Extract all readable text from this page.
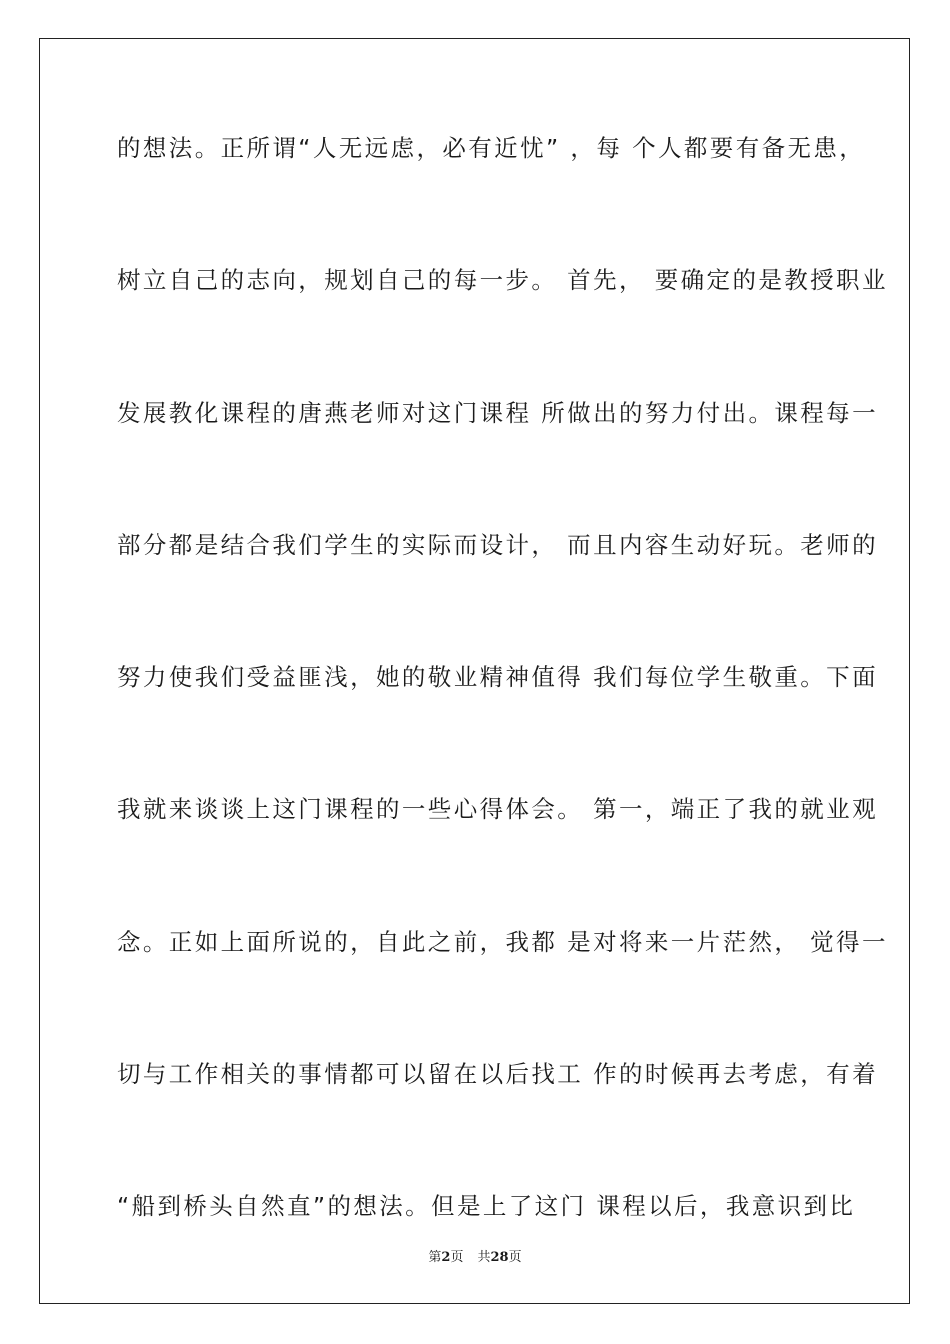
的想法。正所谓“人无远虑，必有近忧” ，每 个人都要有备无患，
树立自己的志向，规划自己的每一步。 首先， 要确定的是教授职业
发展教化课程的唐燕老师对这门课程 所做出的努力付出。课程每一
部分都是结合我们学生的实际而设计， 而且内容生动好玩。老师的
努力使我们受益匪浅，她的敬业精神值得 我们每位学生敬重。下面
我就来谈谈上这门课程的一些心得体会。 第一，端正了我的就业观
念。正如上面所说的，自此之前，我都 是对将来一片茫然， 觉得一
切与工作相关的事情都可以留在以后找工 作的时候再去考虑，有着
“船到桥头自然直”的想法。但是上了这门 课程以后，我意识到比
第2页 共28页
